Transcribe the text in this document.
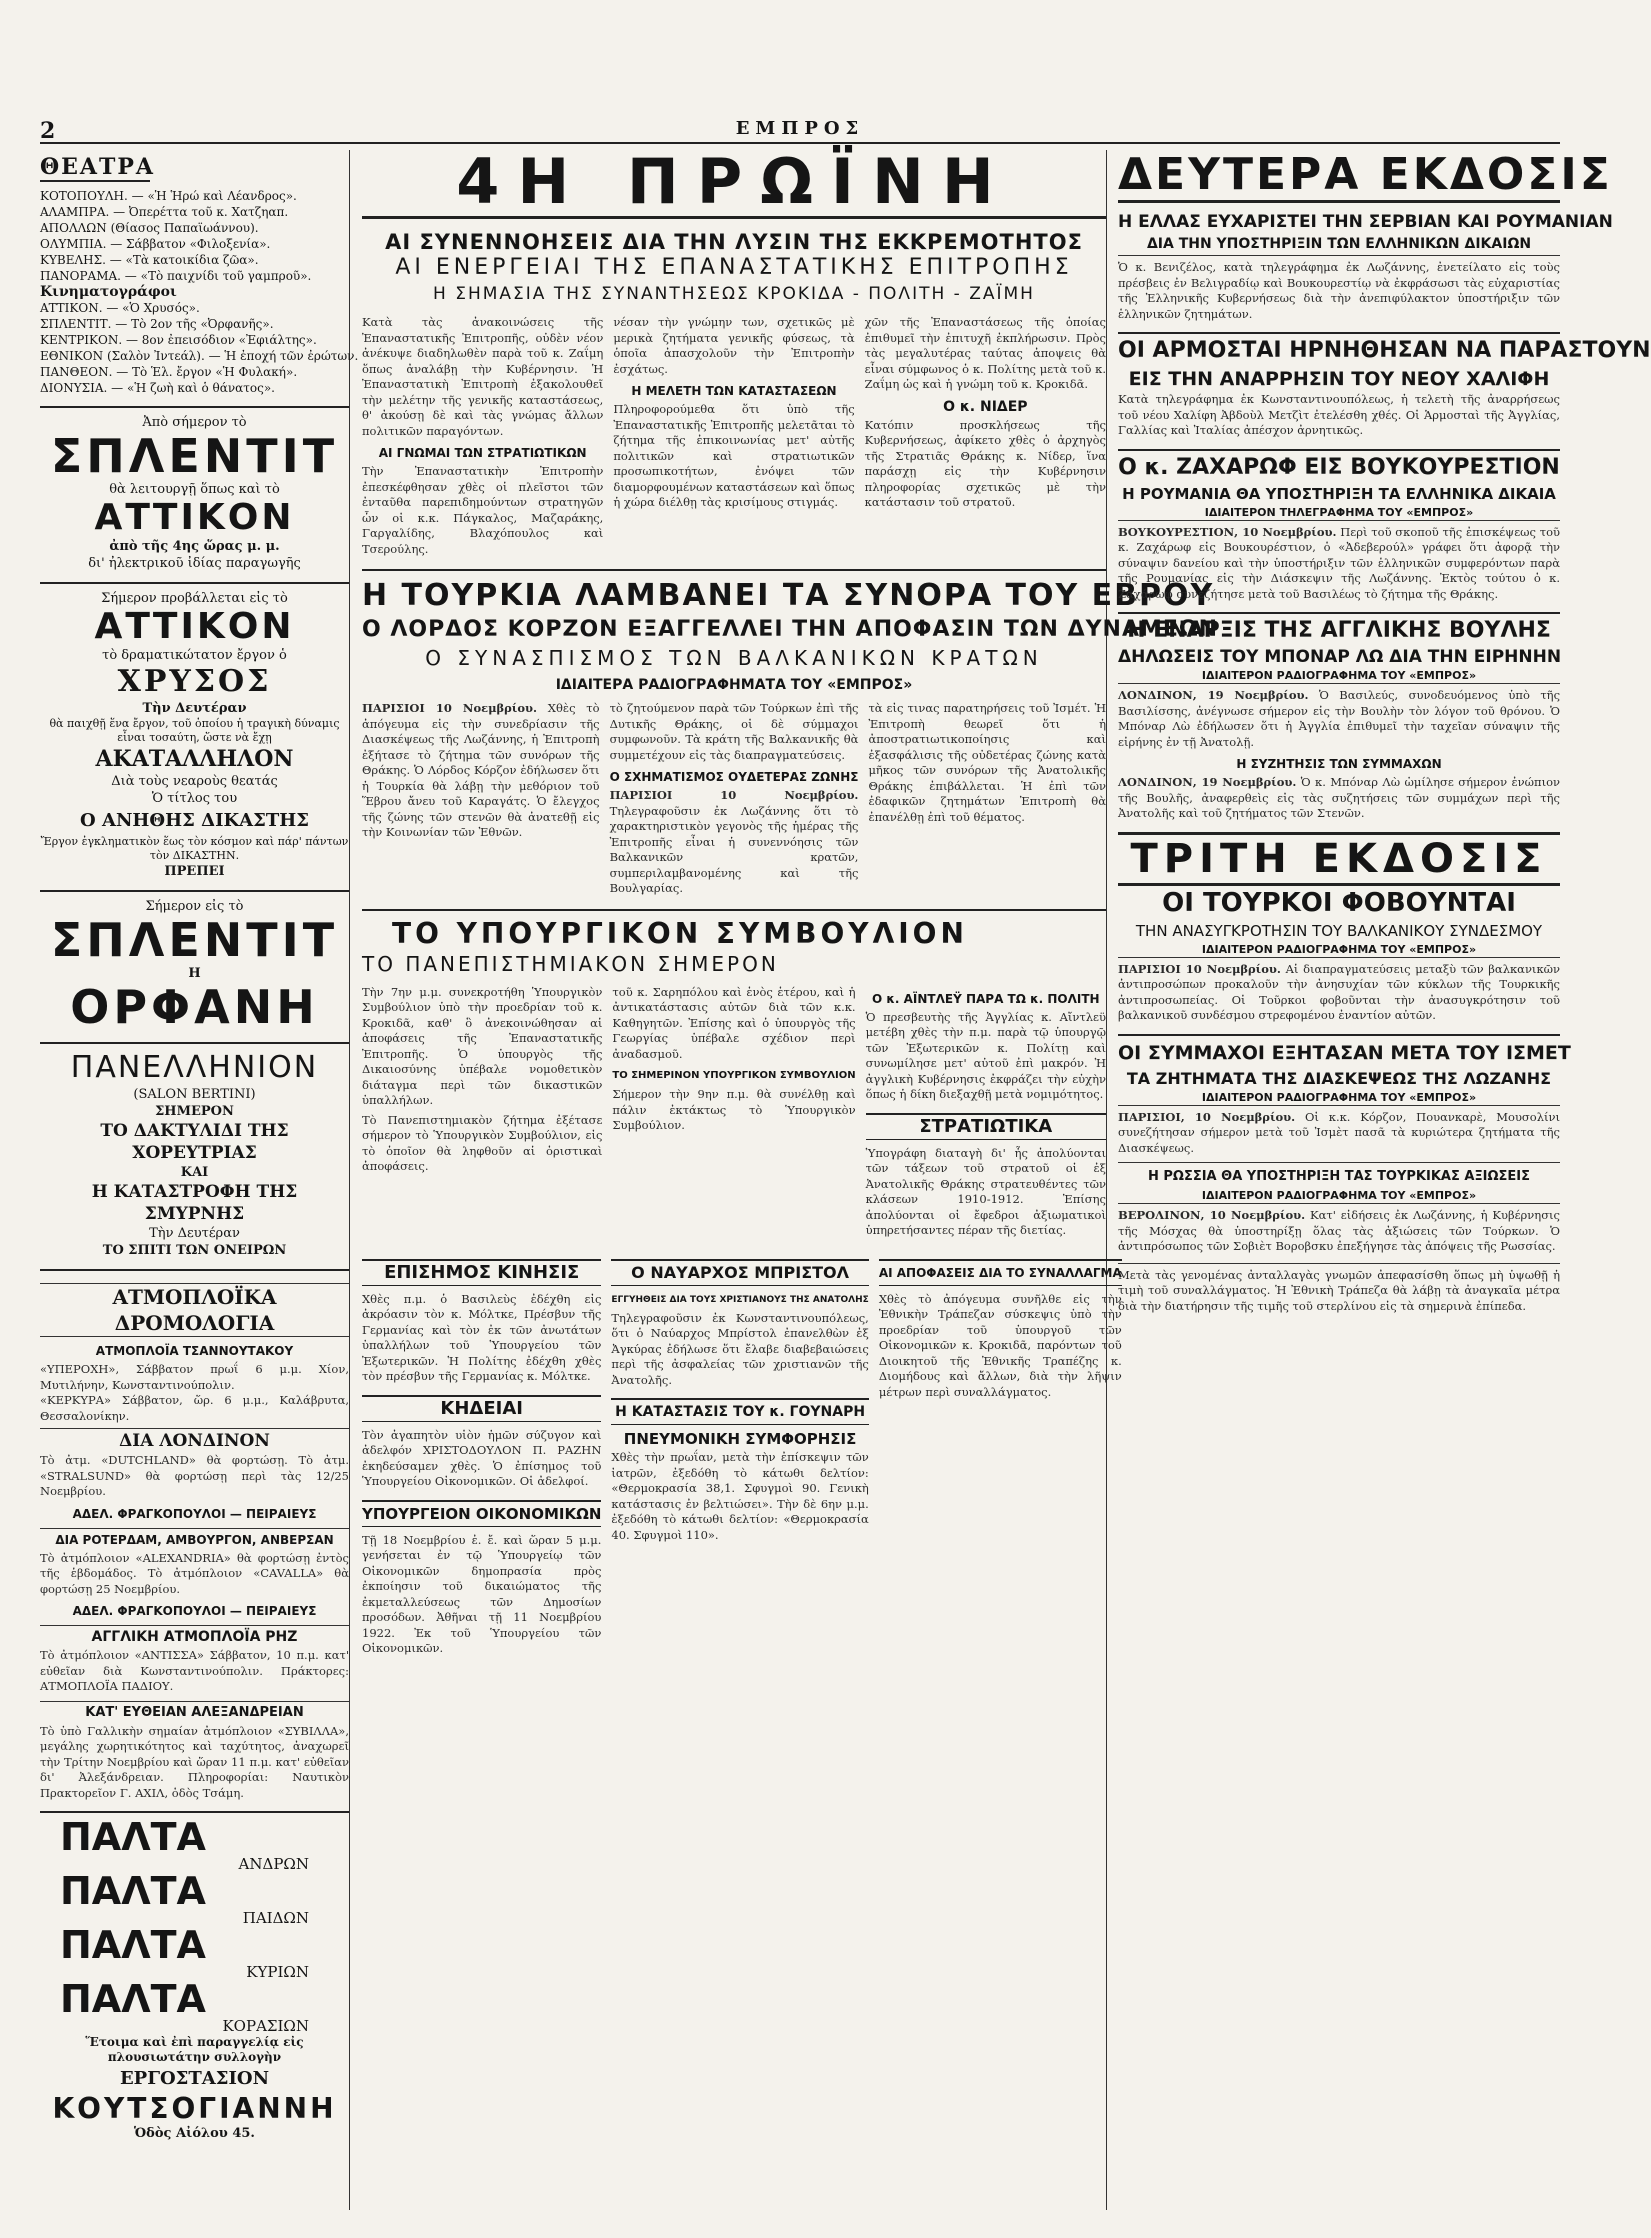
2	ΕΜΠΡΟΣ
ΘΕΑΤΡΑ
ΚΟΤΟΠΟΥΛΗ. — «Ἡ Ἡρώ καὶ Λέανδρος».
ΑΛΑΜΠΡΑ. — Ὀπερέττα τοῦ κ. Χατζηαπ.
ΑΠΟΛΛΩΝ (Θίασος Παπαϊωάννου).
ΟΛΥΜΠΙΑ. — Σάββατον «Φιλοξενία».
ΚΥΒΕΛΗΣ. — «Τὰ κατοικίδια ζῶα».
ΠΑΝΟΡΑΜΑ. — «Τὸ παιχνίδι τοῦ γαμπροῦ».
Κινηματογράφοι
ΑΤΤΙΚΟΝ. — «Ὁ Χρυσός».
ΣΠΛΕΝΤΙΤ. — Τὸ 2ον τῆς «Ὀρφανῆς».
ΚΕΝΤΡΙΚΟΝ. — 8ον ἐπεισόδιον «Ἐφιάλτης».
ΕΘΝΙΚΟΝ (Σαλὸν Ἰντεάλ). — Ἡ ἐποχή τῶν ἐρώτων.
ΠΑΝΘΕΟΝ. — Τὸ Ἑλ. ἔργον «Ἡ Φυλακή».
ΔΙΟΝΥΣΙΑ. — «Ἡ ζωὴ καὶ ὁ θάνατος».
Ἀπὸ σήμερον τὸ
ΣΠΛΕΝΤΙΤ
θὰ λειτουργῇ ὅπως καὶ τὸ
ΑΤΤΙΚΟΝ
ἀπὸ τῆς 4ης ὥρας μ. μ.
δι' ἠλεκτρικοῦ ἰδίας παραγωγῆς
Σήμερον προβάλλεται εἰς τὸ
ΑΤΤΙΚΟΝ
τὸ δραματικώτατον ἔργον ὁ
ΧΡΥΣΟΣ
Τὴν Δευτέραν
θὰ παιχθῇ ἕνα ἔργον, τοῦ ὁποίου ἡ τραγικὴ δύναμις εἶναι τοσαύτη, ὥστε νὰ ἔχῃ
ΑΚΑΤΑΛΛΗΛΟΝ
Διὰ τοὺς νεαροὺς θεατάς
Ὁ τίτλος του
Ο ΑΝΗΘΗΣ ΔΙΚΑΣΤΗΣ
Ἔργον ἐγκληματικὸν ἕως τὸν κόσμον καὶ πάρ' πάντων τὸν ΔΙΚΑΣΤΗΝ.
ΠΡΕΠΕΙ
Σήμερον εἰς τὸ
ΣΠΛΕΝΤΙΤ
Η
ΟΡΦΑΝΗ
ΠΑΝΕΛΛΗΝΙΟΝ
(SALON BERTINI)
ΣΗΜΕΡΟΝ
ΤΟ ΔΑΚΤΥΛΙΔΙ ΤΗΣ ΧΟΡΕΥΤΡΙΑΣ
ΚΑΙ
Η ΚΑΤΑΣΤΡΟΦΗ ΤΗΣ ΣΜΥΡΝΗΣ
Τὴν Δευτέραν
ΤΟ ΣΠΙΤΙ ΤΩΝ ΟΝΕΙΡΩΝ
ΑΤΜΟΠΛΟΪΚΑ ΔΡΟΜΟΛΟΓΙΑ
ΑΤΜΟΠΛΟΪΑ ΤΣΑΝΝΟΥΤΑΚΟΥ
«ΥΠΕΡΟΧΗ», Σάββατον πρωΐ 6 μ.μ. Χίον, Μυτιλήνην, Κωνσταντινούπολιν.
«ΚΕΡΚΥΡΑ» Σάββατον, ὥρ. 6 μ.μ., Καλάβρυτα, Θεσσαλονίκην.
ΔΙΑ ΛΟΝΔΙΝΟΝ
Τὸ ἀτμ. «DUTCHLAND» θὰ φορτώσῃ. Τὸ ἀτμ. «STRALSUND» θὰ φορτώσῃ περὶ τὰς 12/25 Νοεμβρίου.
ΑΔΕΛ. ΦΡΑΓΚΟΠΟΥΛΟΙ — ΠΕΙΡΑΙΕΥΣ
ΔΙΑ ΡΟΤΕΡΔΑΜ, ΑΜΒΟΥΡΓΟΝ, ΑΝΒΕΡΣΑΝ
Τὸ ἀτμόπλοιον «ALEXANDRIA» θὰ φορτώσῃ ἐντὸς τῆς ἑβδομάδος. Τὸ ἀτμόπλοιον «CAVALLA» θὰ φορτώσῃ 25 Νοεμβρίου.
ΑΔΕΛ. ΦΡΑΓΚΟΠΟΥΛΟΙ — ΠΕΙΡΑΙΕΥΣ
ΑΓΓΛΙΚΗ ΑΤΜΟΠΛΟΪΑ ΡΗΖ
Τὸ ἀτμόπλοιον «ΑΝΤΙΣΣΑ» Σάββατον, 10 π.μ. κατ' εὐθεῖαν διὰ Κωνσταντινούπολιν. Πράκτορες: ΑΤΜΟΠΛΟΪΑ ΠΑΔΙΟΥ.
ΚΑΤ' ΕΥΘΕΙΑΝ ΑΛΕΞΑΝΔΡΕΙΑΝ
Τὸ ὑπὸ Γαλλικὴν σημαίαν ἀτμόπλοιον «ΣΥΒΙΛΛΑ», μεγάλης χωρητικότητος καὶ ταχύτητος, ἀναχωρεῖ τὴν Τρίτην Νοεμβρίου καὶ ὥραν 11 π.μ. κατ' εὐθεῖαν δι' Ἀλεξάνδρειαν. Πληροφορίαι: Ναυτικὸν Πρακτορεῖον Γ. ΑΧΙΛ, ὁδὸς Τσάμη.
ΠΑΛΤΑ
ΑΝΔΡΩΝ
ΠΑΛΤΑ
ΠΑΙΔΩΝ
ΠΑΛΤΑ
ΚΥΡΙΩΝ
ΠΑΛΤΑ
ΚΟΡΑΣΙΩΝ
Ἕτοιμα καὶ ἐπὶ παραγγελίᾳ εἰς πλουσιωτάτην συλλογὴν
ΕΡΓΟΣΤΑΣΙΟΝ
ΚΟΥΤΣΟΓΙΑΝΝΗ
Ὁδὸς Αἰόλου 45.
4Η ΠΡΩΪΝΗ
ΑΙ ΣΥΝΕΝΝΟΗΣΕΙΣ ΔΙΑ ΤΗΝ ΛΥΣΙΝ ΤΗΣ ΕΚΚΡΕΜΟΤΗΤΟΣ
ΑΙ ΕΝΕΡΓΕΙΑΙ ΤΗΣ ΕΠΑΝΑΣΤΑΤΙΚΗΣ ΕΠΙΤΡΟΠΗΣ
Η ΣΗΜΑΣΙΑ ΤΗΣ ΣΥΝΑΝΤΗΣΕΩΣ ΚΡΟΚΙΔΑ - ΠΟΛΙΤΗ - ΖΑΪΜΗ

Κατὰ τὰς ἀνακοινώσεις τῆς Ἐπαναστατικῆς Ἐπιτροπῆς, οὐδὲν νέον ἀνέκυψε διαδηλωθὲν παρὰ τοῦ κ. Ζαΐμη ὅπως ἀναλάβῃ τὴν Κυβέρνησιν. Ἡ Ἐπαναστατικὴ Ἐπιτροπὴ ἐξακολουθεῖ τὴν μελέτην τῆς γενικῆς καταστάσεως, θ' ἀκούσῃ δὲ καὶ τὰς γνώμας ἄλλων πολιτικῶν παραγόντων.

ΑΙ ΓΝΩΜΑΙ ΤΩΝ ΣΤΡΑΤΙΩΤΙΚΩΝ

Τὴν Ἐπαναστατικὴν Ἐπιτροπὴν ἐπεσκέφθησαν χθὲς οἱ πλεῖστοι τῶν ἐνταῦθα παρεπιδημούντων στρατηγῶν ὧν οἱ κ.κ. Πάγκαλος, Μαζαράκης, Γαργαλίδης, Βλαχόπουλος καὶ Τσερούλης.

νέσαν τὴν γνώμην των, σχετικῶς μὲ μερικὰ ζητήματα γενικῆς φύσεως, τὰ ὁποῖα ἀπασχολοῦν τὴν Ἐπιτροπὴν ἐσχάτως.

Η ΜΕΛΕΤΗ ΤΩΝ ΚΑΤΑΣΤΑΣΕΩΝ

Πληροφορούμεθα ὅτι ὑπὸ τῆς Ἐπαναστατικῆς Ἐπιτροπῆς μελετᾶται τὸ ζήτημα τῆς ἐπικοινωνίας μετ' αὐτῆς πολιτικῶν καὶ στρατιωτικῶν προσωπικοτήτων, ἐνόψει τῶν διαμορφουμένων καταστάσεων καὶ ὅπως ἡ χώρα διέλθῃ τὰς κρισίμους στιγμάς.

χῶν τῆς Ἐπαναστάσεως τῆς ὁποίας ἐπιθυμεῖ τὴν ἐπιτυχῆ ἐκπλήρωσιν. Πρὸς τὰς μεγαλυτέρας ταύτας ἀποψεις θὰ εἶναι σύμφωνος ὁ κ. Πολίτης μετὰ τοῦ κ. Ζαΐμη ὡς καὶ ἡ γνώμη τοῦ κ. Κροκιδᾶ.

Ο κ. ΝΙΔΕΡ

Κατόπιν προσκλήσεως τῆς Κυβερνήσεως, ἀφίκετο χθὲς ὁ ἀρχηγὸς τῆς Στρατιᾶς Θράκης κ. Νίδερ, ἵνα παράσχῃ εἰς τὴν Κυβέρνησιν πληροφορίας σχετικῶς μὲ τὴν κατάστασιν τοῦ στρατοῦ.

Η ΤΟΥΡΚΙΑ ΛΑΜΒΑΝΕΙ ΤΑ ΣΥΝΟΡΑ ΤΟΥ ΕΒΡΟΥ
Ο ΛΟΡΔΟΣ ΚΟΡΖΟΝ ΕΞΑΓΓΕΛΛΕΙ ΤΗΝ ΑΠΟΦΑΣΙΝ ΤΩΝ ΔΥΝΑΜΕΩΝ
Ο ΣΥΝΑΣΠΙΣΜΟΣ ΤΩΝ ΒΑΛΚΑΝΙΚΩΝ ΚΡΑΤΩΝ
ΙΔΙΑΙΤΕΡΑ ΡΑΔΙΟΓΡΑΦΗΜΑΤΑ ΤΟΥ «ΕΜΠΡΟΣ»

ΠΑΡΙΣΙΟΙ 10 Νοεμβρίου. Χθὲς τὸ ἀπόγευμα εἰς τὴν συνεδρίασιν τῆς Διασκέψεως τῆς Λωζάννης, ἡ Ἐπιτροπὴ ἐξήτασε τὸ ζήτημα τῶν συνόρων τῆς Θράκης. Ὁ Λόρδος Κόρζον ἐδήλωσεν ὅτι ἡ Τουρκία θὰ λάβῃ τὴν μεθόριον τοῦ Ἕβρου ἄνευ τοῦ Καραγάτς. Ὁ ἔλεγχος τῆς ζώνης τῶν στενῶν θὰ ἀνατεθῇ εἰς τὴν Κοινωνίαν τῶν Ἐθνῶν.

τὸ ζητούμενον παρὰ τῶν Τούρκων ἐπὶ τῆς Δυτικῆς Θράκης, οἱ δὲ σύμμαχοι συμφωνοῦν. Τὰ κράτη τῆς Βαλκανικῆς θὰ συμμετέχουν εἰς τὰς διαπραγματεύσεις.

Ο ΣΧΗΜΑΤΙΣΜΟΣ ΟΥΔΕΤΕΡΑΣ ΖΩΝΗΣ

ΠΑΡΙΣΙΟΙ 10 Νοεμβρίου. Τηλεγραφοῦσιν ἐκ Λωζάννης ὅτι τὸ χαρακτηριστικὸν γεγονὸς τῆς ἡμέρας τῆς Ἐπιτροπῆς εἶναι ἡ συνεννόησις τῶν Βαλκανικῶν κρατῶν, συμπεριλαμβανομένης καὶ τῆς Βουλγαρίας.

τὰ εἰς τινας παρατηρήσεις τοῦ Ἰσμέτ. Ἡ Ἐπιτροπὴ θεωρεῖ ὅτι ἡ ἀποστρατιωτικοποίησις καὶ ἐξασφάλισις τῆς οὐδετέρας ζώνης κατὰ μῆκος τῶν συνόρων τῆς Ἀνατολικῆς Θράκης ἐπιβάλλεται. Ἡ ἐπὶ τῶν ἐδαφικῶν ζητημάτων Ἐπιτροπὴ θὰ ἐπανέλθῃ ἐπὶ τοῦ θέματος.

ΤΟ ΥΠΟΥΡΓΙΚΟΝ ΣΥΜΒΟΥΛΙΟΝ
ΤΟ ΠΑΝΕΠΙΣΤΗΜΙΑΚΟΝ ΣΗΜΕΡΟΝ

Τὴν 7ην μ.μ. συνεκροτήθη Ὑπουργικὸν Συμβούλιον ὑπὸ τὴν προεδρίαν τοῦ κ. Κροκιδᾶ, καθ' ὃ ἀνεκοινώθησαν αἱ ἀποφάσεις τῆς Ἐπαναστατικῆς Ἐπιτροπῆς. Ὁ ὑπουργὸς τῆς Δικαιοσύνης ὑπέβαλε νομοθετικὸν διάταγμα περὶ τῶν δικαστικῶν ὑπαλλήλων.

Τὸ Πανεπιστημιακὸν ζήτημα ἐξέτασε σήμερον τὸ Ὑπουργικὸν Συμβούλιον, εἰς τὸ ὁποῖον θὰ ληφθοῦν αἱ ὁριστικαὶ ἀποφάσεις.

τοῦ κ. Σαρηπόλου καὶ ἑνὸς ἑτέρου, καὶ ἡ ἀντικατάστασις αὐτῶν διὰ τῶν κ.κ. Καθηγητῶν. Ἐπίσης καὶ ὁ ὑπουργὸς τῆς Γεωργίας ὑπέβαλε σχέδιον περὶ ἀναδασμοῦ.

ΤΟ ΣΗΜΕΡΙΝΟΝ ΥΠΟΥΡΓΙΚΟΝ ΣΥΜΒΟΥΛΙΟΝ

Σήμερον τὴν 9ην π.μ. θὰ συνέλθῃ καὶ πάλιν ἐκτάκτως τὸ Ὑπουργικὸν Συμβούλιον.

Ο κ. ΑΪΝΤΛΕΫ ΠΑΡΑ ΤΩ κ. ΠΟΛΙΤΗ

Ὁ πρεσβευτὴς τῆς Ἀγγλίας κ. Αἴντλεϋ μετέβη χθὲς τὴν π.μ. παρὰ τῷ ὑπουργῷ τῶν Ἐξωτερικῶν κ. Πολίτῃ καὶ συνωμίλησε μετ' αὐτοῦ ἐπὶ μακρόν. Ἡ ἀγγλικὴ Κυβέρνησις ἐκφράζει τὴν εὐχὴν ὅπως ἡ δίκη διεξαχθῇ μετὰ νομιμότητος.

ΣΤΡΑΤΙΩΤΙΚΑ

Ὑπογράφη διαταγὴ δι' ἧς ἀπολύονται τῶν τάξεων τοῦ στρατοῦ οἱ ἐξ Ἀνατολικῆς Θράκης στρατευθέντες τῶν κλάσεων 1910-1912. Ἐπίσης ἀπολύονται οἱ ἔφεδροι ἀξιωματικοὶ ὑπηρετήσαντες πέραν τῆς διετίας.

ΕΠΙΣΗΜΟΣ ΚΙΝΗΣΙΣ

Χθὲς π.μ. ὁ Βασιλεὺς ἐδέχθη εἰς ἀκρόασιν τὸν κ. Μόλτκε, Πρέσβυν τῆς Γερμανίας καὶ τὸν ἐκ τῶν ἀνωτάτων ὑπαλλήλων τοῦ Ὑπουργείου τῶν Ἐξωτερικῶν. Ἡ Πολίτης ἐδέχθη χθὲς τὸν πρέσβυν τῆς Γερμανίας κ. Μόλτκε.

ΚΗΔΕΙΑΙ

Τὸν ἀγαπητὸν υἱὸν ἡμῶν σύζυγον καὶ ἀδελφόν ΧΡΙΣΤΟΔΟΥΛΟΝ Π. ΡΑΖΗΝ ἐκηδεύσαμεν χθὲς. Ὁ ἐπίσημος τοῦ Ὑπουργείου Οἰκονομικῶν. Οἱ ἀδελφοί.

ΥΠΟΥΡΓΕΙΟΝ ΟΙΚΟΝΟΜΙΚΩΝ

Τῇ 18 Νοεμβρίου ἐ. ἔ. καὶ ὥραν 5 μ.μ. γενήσεται ἐν τῷ Ὑπουργείῳ τῶν Οἰκονομικῶν δημοπρασία πρὸς ἐκποίησιν τοῦ δικαιώματος τῆς ἐκμεταλλεύσεως τῶν Δημοσίων προσόδων. Ἀθῆναι τῇ 11 Νοεμβρίου 1922. Ἐκ τοῦ Ὑπουργείου τῶν Οἰκονομικῶν.

Ο ΝΑΥΑΡΧΟΣ ΜΠΡΙΣΤΟΛ
ΕΓΓΥΗΘΕΙΣ ΔΙΑ ΤΟΥΣ ΧΡΙΣΤΙΑΝΟΥΣ ΤΗΣ ΑΝΑΤΟΛΗΣ

Τηλεγραφοῦσιν ἐκ Κωνσταντινουπόλεως, ὅτι ὁ Ναύαρχος Μπρίστολ ἐπανελθὼν ἐξ Ἀγκύρας ἐδήλωσε ὅτι ἔλαβε διαβεβαιώσεις περὶ τῆς ἀσφαλείας τῶν χριστιανῶν τῆς Ἀνατολῆς.

Η ΚΑΤΑΣΤΑΣΙΣ ΤΟΥ κ. ΓΟΥΝΑΡΗ
ΠΝΕΥΜΟΝΙΚΗ ΣΥΜΦΟΡΗΣΙΣ

Χθὲς τὴν πρωΐαν, μετὰ τὴν ἐπίσκεψιν τῶν ἰατρῶν, ἐξεδόθη τὸ κάτωθι δελτίον: «Θερμοκρασία 38,1. Σφυγμοὶ 90. Γενικὴ κατάστασις ἐν βελτιώσει». Τὴν δὲ 6ην μ.μ. ἐξεδόθη τὸ κάτωθι δελτίον: «Θερμοκρασία 40. Σφυγμοὶ 110».

ΑΙ ΑΠΟΦΑΣΕΙΣ ΔΙΑ ΤΟ ΣΥΝΑΛΛΑΓΜΑ

Χθὲς τὸ ἀπόγευμα συνῆλθε εἰς τὴν Ἐθνικὴν Τράπεζαν σύσκεψις ὑπὸ τὴν προεδρίαν τοῦ ὑπουργοῦ τῶν Οἰκονομικῶν κ. Κροκιδᾶ, παρόντων τοῦ Διοικητοῦ τῆς Ἐθνικῆς Τραπέζης κ. Διομήδους καὶ ἄλλων, διὰ τὴν λῆψιν μέτρων περὶ συναλλάγματος.

ΔΕΥΤΕΡΑ ΕΚΔΟΣΙΣ
Η ΕΛΛΑΣ ΕΥΧΑΡΙΣΤΕΙ ΤΗΝ ΣΕΡΒΙΑΝ ΚΑΙ ΡΟΥΜΑΝΙΑΝ
ΔΙΑ ΤΗΝ ΥΠΟΣΤΗΡΙΞΙΝ ΤΩΝ ΕΛΛΗΝΙΚΩΝ ΔΙΚΑΙΩΝ

Ὁ κ. Βενιζέλος, κατὰ τηλεγράφημα ἐκ Λωζάννης, ἐνετείλατο εἰς τοὺς πρέσβεις ἐν Βελιγραδίῳ καὶ Βουκουρεστίῳ νὰ ἐκφράσωσι τὰς εὐχαριστίας τῆς Ἑλληνικῆς Κυβερνήσεως διὰ τὴν ἀνεπιφύλακτον ὑποστήριξιν τῶν ἑλληνικῶν ζητημάτων.

ΟΙ ΑΡΜΟΣΤΑΙ ΗΡΝΗΘΗΣΑΝ ΝΑ ΠΑΡΑΣΤΟΥΝ
ΕΙΣ ΤΗΝ ΑΝΑΡΡΗΣΙΝ ΤΟΥ ΝΕΟΥ ΧΑΛΙΦΗ

Κατὰ τηλεγράφημα ἐκ Κωνσταντινουπόλεως, ἡ τελετὴ τῆς ἀναρρήσεως τοῦ νέου Χαλίφη Ἀβδοὺλ Μετζὶτ ἐτελέσθη χθές. Οἱ Ἁρμοσταὶ τῆς Ἀγγλίας, Γαλλίας καὶ Ἰταλίας ἀπέσχον ἀρνητικῶς.

Ο κ. ΖΑΧΑΡΩΦ ΕΙΣ ΒΟΥΚΟΥΡΕΣΤΙΟΝ
Η ΡΟΥΜΑΝΙΑ ΘΑ ΥΠΟΣΤΗΡΙΞΗ ΤΑ ΕΛΛΗΝΙΚΑ ΔΙΚΑΙΑ
ΙΔΙΑΙΤΕΡΟΝ ΤΗΛΕΓΡΑΦΗΜΑ ΤΟΥ «ΕΜΠΡΟΣ»

ΒΟΥΚΟΥΡΕΣΤΙΟΝ, 10 Νοεμβρίου. Περὶ τοῦ σκοποῦ τῆς ἐπισκέψεως τοῦ κ. Ζαχάρωφ εἰς Βουκουρέστιον, ὁ «Ἀδεβερούλ» γράφει ὅτι ἀφορᾷ τὴν σύναψιν δανείου καὶ τὴν ὑποστήριξιν τῶν ἑλληνικῶν συμφερόντων παρὰ τῆς Ρουμανίας εἰς τὴν Διάσκεψιν τῆς Λωζάννης. Ἐκτὸς τούτου ὁ κ. Ζαχάρωφ συνεζήτησε μετὰ τοῦ Βασιλέως τὸ ζήτημα τῆς Θράκης.

Η ΕΝΑΡΞΙΣ ΤΗΣ ΑΓΓΛΙΚΗΣ ΒΟΥΛΗΣ
ΔΗΛΩΣΕΙΣ ΤΟΥ ΜΠΟΝΑΡ ΛΩ ΔΙΑ ΤΗΝ ΕΙΡΗΝΗΝ
ΙΔΙΑΙΤΕΡΟΝ ΡΑΔΙΟΓΡΑΦΗΜΑ ΤΟΥ «ΕΜΠΡΟΣ»

ΛΟΝΔΙΝΟΝ, 19 Νοεμβρίου. Ὁ Βασιλεύς, συνοδευόμενος ὑπὸ τῆς Βασιλίσσης, ἀνέγνωσε σήμερον εἰς τὴν Βουλὴν τὸν λόγον τοῦ θρόνου. Ὁ Μπόναρ Λὼ ἐδήλωσεν ὅτι ἡ Ἀγγλία ἐπιθυμεῖ τὴν ταχεῖαν σύναψιν τῆς εἰρήνης ἐν τῇ Ἀνατολῇ.

Η ΣΥΖΗΤΗΣΙΣ ΤΩΝ ΣΥΜΜΑΧΩΝ

ΛΟΝΔΙΝΟΝ, 19 Νοεμβρίου. Ὁ κ. Μπόναρ Λὼ ὡμίλησε σήμερον ἐνώπιον τῆς Βουλῆς, ἀναφερθεὶς εἰς τὰς συζητήσεις τῶν συμμάχων περὶ τῆς Ἀνατολῆς καὶ τοῦ ζητήματος τῶν Στενῶν.

ΤΡΙΤΗ ΕΚΔΟΣΙΣ
ΟΙ ΤΟΥΡΚΟΙ ΦΟΒΟΥΝΤΑΙ
ΤΗΝ ΑΝΑΣΥΓΚΡΟΤΗΣΙΝ ΤΟΥ ΒΑΛΚΑΝΙΚΟΥ ΣΥΝΔΕΣΜΟΥ
ΙΔΙΑΙΤΕΡΟΝ ΡΑΔΙΟΓΡΑΦΗΜΑ ΤΟΥ «ΕΜΠΡΟΣ»

ΠΑΡΙΣΙΟΙ 10 Νοεμβρίου. Αἱ διαπραγματεύσεις μεταξὺ τῶν βαλκανικῶν ἀντιπροσώπων προκαλοῦν τὴν ἀνησυχίαν τῶν κύκλων τῆς Τουρκικῆς ἀντιπροσωπείας. Οἱ Τοῦρκοι φοβοῦνται τὴν ἀνασυγκρότησιν τοῦ βαλκανικοῦ συνδέσμου στρεφομένου ἐναντίον αὐτῶν.

ΟΙ ΣΥΜΜΑΧΟΙ ΕΞΗΤΑΣΑΝ ΜΕΤΑ ΤΟΥ ΙΣΜΕΤ
ΤΑ ΖΗΤΗΜΑΤΑ ΤΗΣ ΔΙΑΣΚΕΨΕΩΣ ΤΗΣ ΛΩΖΑΝΗΣ
ΙΔΙΑΙΤΕΡΟΝ ΡΑΔΙΟΓΡΑΦΗΜΑ ΤΟΥ «ΕΜΠΡΟΣ»

ΠΑΡΙΣΙΟΙ, 10 Νοεμβρίου. Οἱ κ.κ. Κόρζον, Πουανκαρὲ, Μουσολίνι συνεζήτησαν σήμερον μετὰ τοῦ Ἰσμὲτ πασᾶ τὰ κυριώτερα ζητήματα τῆς Διασκέψεως.

Η ΡΩΣΣΙΑ ΘΑ ΥΠΟΣΤΗΡΙΞΗ ΤΑΣ ΤΟΥΡΚΙΚΑΣ ΑΞΙΩΣΕΙΣ
ΙΔΙΑΙΤΕΡΟΝ ΡΑΔΙΟΓΡΑΦΗΜΑ ΤΟΥ «ΕΜΠΡΟΣ»

ΒΕΡΟΛΙΝΟΝ, 10 Νοεμβρίου. Κατ' εἰδήσεις ἐκ Λωζάννης, ἡ Κυβέρνησις τῆς Μόσχας θὰ ὑποστηρίξῃ ὅλας τὰς ἀξιώσεις τῶν Τούρκων. Ὁ ἀντιπρόσωπος τῶν Σοβιὲτ Βοροβσκυ ἐπεξήγησε τὰς ἀπόψεις τῆς Ρωσσίας.

Μετὰ τὰς γενομένας ἀνταλλαγὰς γνωμῶν ἀπεφασίσθη ὅπως μὴ ὑψωθῇ ἡ τιμὴ τοῦ συναλλάγματος. Ἡ Ἐθνικὴ Τράπεζα θὰ λάβῃ τὰ ἀναγκαῖα μέτρα διὰ τὴν διατήρησιν τῆς τιμῆς τοῦ στερλίνου εἰς τὰ σημερινὰ ἐπίπεδα.
